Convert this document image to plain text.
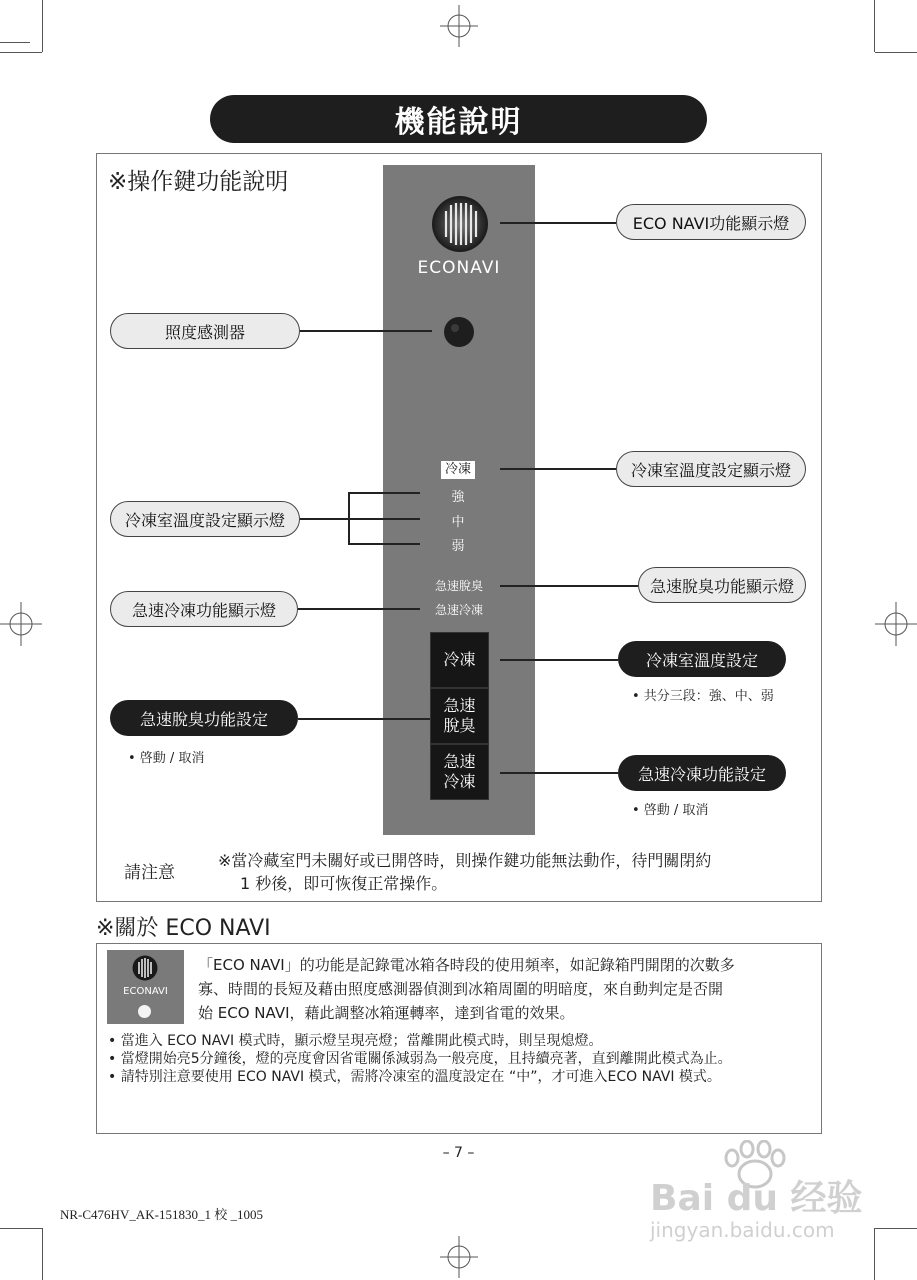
機能說明
※操作鍵功能說明
ECONAVI
冷凍
強
中
弱
急速脫臭
急速冷凍
冷凍
急速
脫臭
急速
冷凍
ECO NAVI功能顯示燈
照度感測器
冷凍室溫度設定顯示燈
冷凍室溫度設定顯示燈
急速脫臭功能顯示燈
急速冷凍功能顯示燈
冷凍室溫度設定
• 共分三段：強、中、弱
急速脫臭功能設定
• 啓動 / 取消
急速冷凍功能設定
• 啓動 / 取消
請注意
※當冷藏室門未關好或已開啓時，則操作鍵功能無法動作，待門關閉約
1 秒後，即可恢復正常操作。
※關於 ECO NAVI
ECONAVI
「ECO NAVI」的功能是記錄電冰箱各時段的使用頻率，如記錄箱門開閉的次數多
寡、時間的長短及藉由照度感測器偵測到冰箱周圍的明暗度，來自動判定是否開
始 ECO NAVI，藉此調整冰箱運轉率，達到省電的效果。
• 當進入 ECO NAVI 模式時，顯示燈呈現亮燈；當離開此模式時，則呈現熄燈。
• 當燈開始亮5分鐘後，燈的亮度會因省電關係減弱為一般亮度，且持續亮著，直到離開此模式為止。
• 請特別注意要使用 ECO NAVI 模式，需將冷凍室的溫度設定在 “中”，才可進入ECO NAVI 模式。
– 7 –
NR-C476HV_AK-151830_1 校 _1005	Bai du 经验
jingyan.baidu.com
